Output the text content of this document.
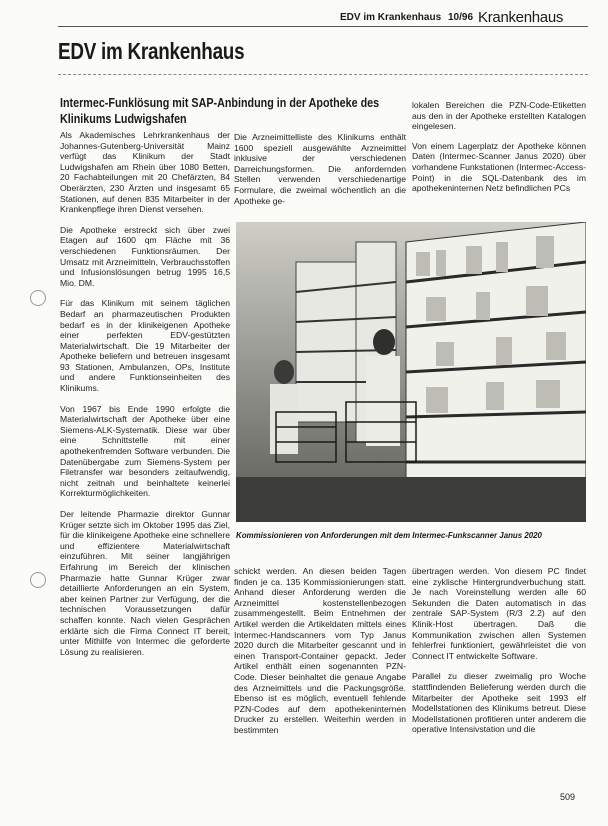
EDV im Krankenhaus 10/96 Krankenhaus
EDV im Krankenhaus
Intermec-Funklösung mit SAP-Anbindung in der Apotheke des Klinikums Ludwigshafen

Als Akademisches Lehrkrankenhaus der Johannes-Gutenberg-Universität Mainz verfügt das Klinikum der Stadt Ludwigshafen am Rhein über 1080 Betten, 20 Fachabteilungen mit 20 Chefärzten, 84 Oberärzten, 230 Ärzten und insgesamt 65 Stationen, auf denen 835 Mitarbeiter in der Krankenpflege ihren Dienst versehen.

Die Apotheke erstreckt sich über zwei Etagen auf 1600 qm Fläche mit 36 verschiedenen Funktionsräumen. Der Umsatz mit Arzneimitteln, Verbrauchsstoffen und Infusionslösungen betrug 1995 16,5 Mio. DM.

Für das Klinikum mit seinem täglichen Bedarf an pharmazeutischen Produkten bedarf es in der klinikeigenen Apotheke einer perfekten EDV-gestützten Materialwirtschaft. Die 19 Mitarbeiter der Apotheke beliefern und betreuen insgesamt 93 Stationen, Ambulanzen, OPs, Institute und andere Funktionseinheiten des Klinikums.

Von 1967 bis Ende 1990 erfolgte die Materialwirtschaft der Apotheke über eine Siemens-ALK-Systematik. Diese war über eine Schnittstelle mit einer apothekenfremden Software verbunden. Die Datenübergabe zum Siemens-System per Filetransfer war besonders zeitaufwendig, nicht zeitnah und beinhaltete keinerlei Korrekturmöglichkeiten.

Der leitende Pharmazie direktor Gunnar Krüger setzte sich im Oktober 1995 das Ziel, für die klinikeigene Apotheke eine schnellere und effizientere Materialwirtschaft einzuführen. Mit seiner langjährigen Erfahrung im Bereich der klinischen Pharmazie hatte Gunnar Krüger zwar detaillierte Anforderungen an ein System, aber keinen Partner zur Verfügung, der die technischen Voraussetzungen dafür schaffen konnte. Nach vielen Gesprächen erklärte sich die Firma Connect IT bereit, unter Mithilfe von Intermec die geforderte Lösung zu realisieren.

Die Arzneimittelliste des Klinikums enthält 1600 speziell ausgewählte Arzneimittel inklusive der verschiedenen Darreichungsformen. Die anfordernden Stellen verwenden verschiedenartige Formulare, die zweimal wöchentlich an die Apotheke ge-

lokalen Bereichen die PZN-Code-Etiketten aus den in der Apotheke erstellten Katalogen eingelesen.

Von einem Lagerplatz der Apotheke können Daten (Intermec-Scanner Janus 2020) über vorhandene Funkstationen (Intermec-Access-Point) in die SQL-Datenbank des im apothekeninternen Netz befindlichen PCs

Kommissionieren von Anforderungen mit dem Intermec-Funkscanner Janus 2020

schickt werden. An diesen beiden Tagen finden je ca. 135 Kommissionierungen statt. Anhand dieser Anforderung werden die Arzneimittel kostenstellenbezogen zusammengestellt. Beim Entnehmen der Artikel werden die Artikeldaten mittels eines Intermec-Handscanners vom Typ Janus 2020 durch die Mitarbeiter gescannt und in einen Transport-Container gepackt. Jeder Artikel enthält einen sogenannten PZN-Code. Dieser beinhaltet die genaue Angabe des Arzneimittels und die Packungsgröße. Ebenso ist es möglich, eventuell fehlende PZN-Codes auf dem apothekeninternen Drucker zu erstellen. Weiterhin werden in bestimmten

übertragen werden. Von diesem PC findet eine zyklische Hintergrundverbuchung statt. Je nach Voreinstellung werden alle 60 Sekunden die Daten automatisch in das zentrale SAP-System (R/3 2.2) auf den Klinik-Host übertragen. Daß die Kommunikation zwischen allen Systemen fehlerfrei funktioniert, gewährleistet die von Connect IT entwickelte Software.

Parallel zu dieser zweimalig pro Woche stattfindenden Belieferung werden durch die Mitarbeiter der Apotheke seit 1993 elf Modellstationen des Klinikums betreut. Diese Modellstationen profitieren unter anderem die operative Intensivstation und die

509
